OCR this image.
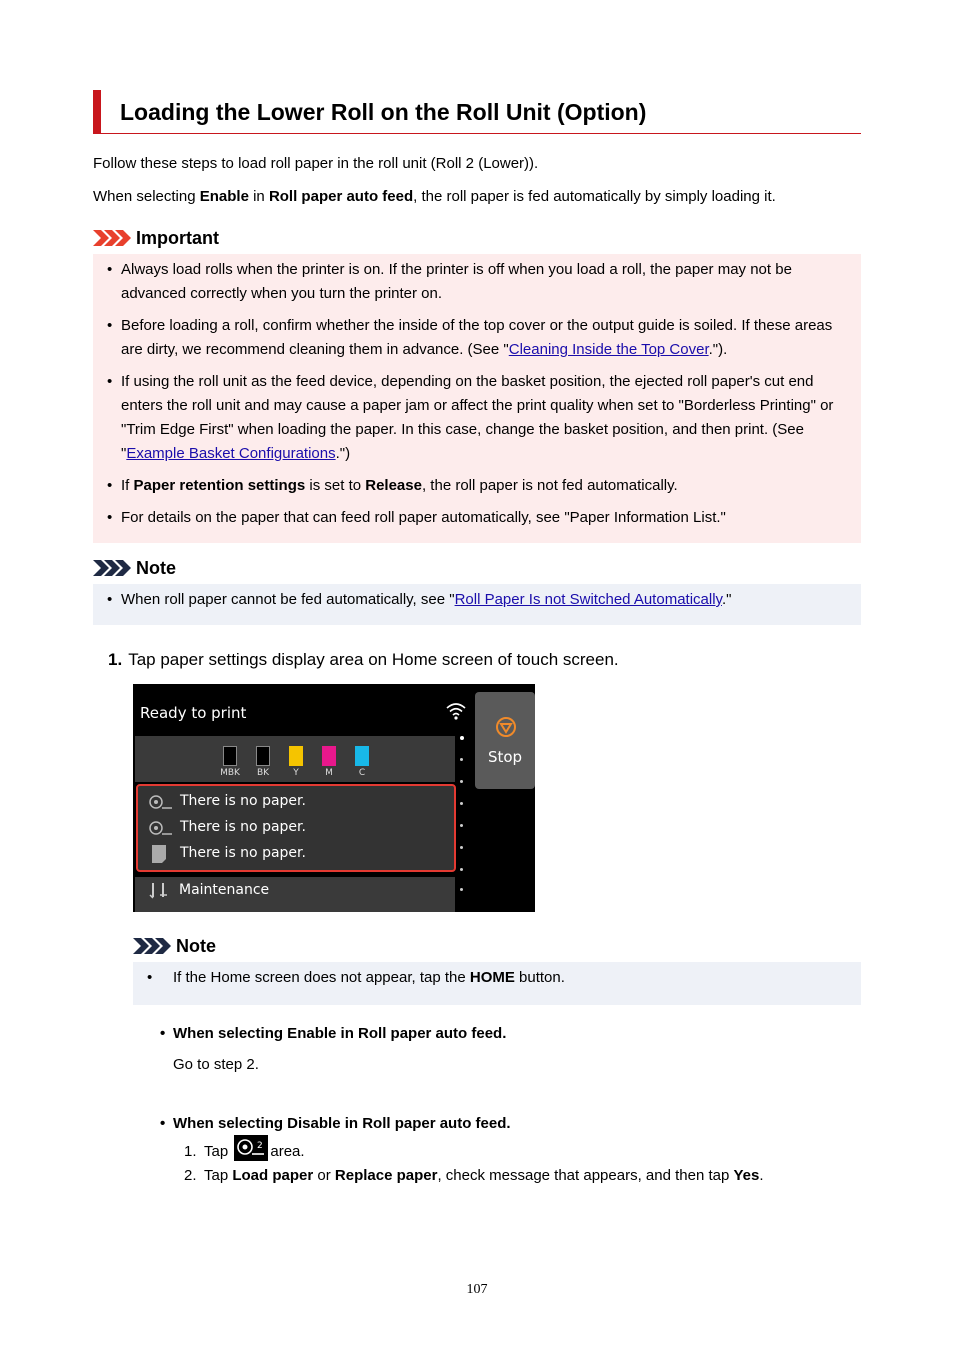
Loading the Lower Roll on the Roll Unit (Option)
Follow these steps to load roll paper in the roll unit (Roll 2 (Lower)).
When selecting Enable in Roll paper auto feed, the roll paper is fed automatically by simply loading it.
Important
• Always load rolls when the printer is on. If the printer is off when you load a roll, the paper may not be advanced correctly when you turn the printer on.
• Before loading a roll, confirm whether the inside of the top cover or the output guide is soiled. If these areas are dirty, we recommend cleaning them in advance. (See "Cleaning Inside the Top Cover.").
• If using the roll unit as the feed device, depending on the basket position, the ejected roll paper's cut end enters the roll unit and may cause a paper jam or affect the print quality when set to "Borderless Printing" or "Trim Edge First" when loading the paper. In this case, change the basket position, and then print. (See "Example Basket Configurations.")
• If Paper retention settings is set to Release, the roll paper is not fed automatically.
• For details on the paper that can feed roll paper automatically, see "Paper Information List."
Note
• When roll paper cannot be fed automatically, see "Roll Paper Is not Switched Automatically."
1. Tap paper settings display area on Home screen of touch screen.
Ready to print
Stop
MBK	BK	Y	M	C
There is no paper.
There is no paper.
There is no paper.
Maintenance
Note
• If the Home screen does not appear, tap the HOME button.
• When selecting Enable in Roll paper auto feed.
Go to step 2.
• When selecting Disable in Roll paper auto feed.
1. Tap	2 area.
2. Tap Load paper or Replace paper, check message that appears, and then tap Yes.
107
